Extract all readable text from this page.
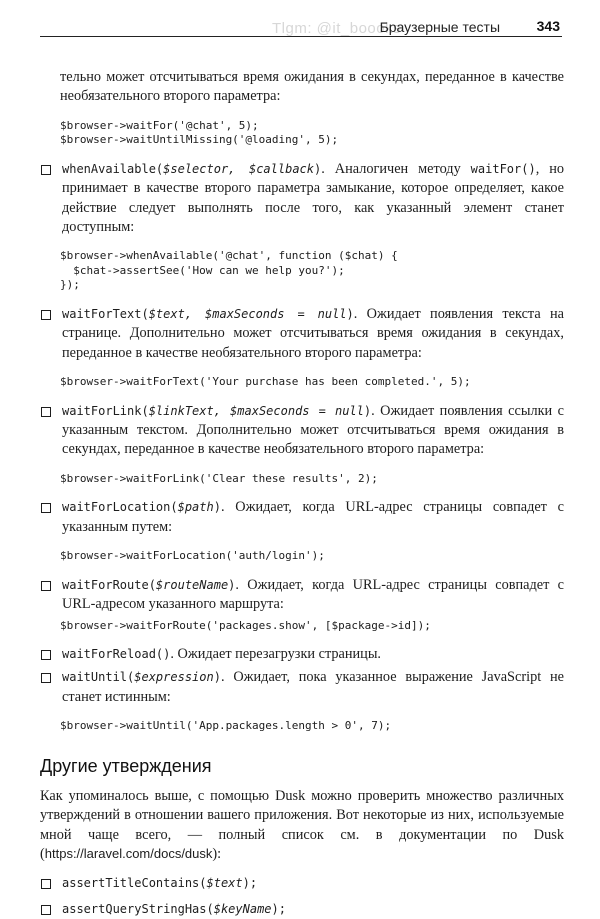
Tlgm: @it_boooks
Браузерные тесты	343

тельно может отсчитываться время ожидания в секундах, переданное в качестве необязательного второго параметра:

$browser->waitFor('@chat', 5);
$browser->waitUntilMissing('@loading', 5);

whenAvailable($selector, $callback). Аналогичен методу waitFor(), но принимает в качестве второго параметра замыкание, которое определяет, какое действие следует выполнять после того, как указанный элемент станет доступным:

$browser->whenAvailable('@chat', function ($chat) {
$chat->assertSee('How can we help you?');
});

waitForText($text, $maxSeconds = null). Ожидает появления текста на странице. Дополнительно может отсчитываться время ожидания в секундах, переданное в качестве необязательного второго параметра:

$browser->waitForText('Your purchase has been completed.', 5);

waitForLink($linkText, $maxSeconds = null). Ожидает появления ссылки с указанным текстом. Дополнительно может отсчитываться время ожидания в секундах, переданное в качестве необязательного второго параметра:

$browser->waitForLink('Clear these results', 2);

waitForLocation($path). Ожидает, когда URL-адрес страницы совпадет с указанным путем:

$browser->waitForLocation('auth/login');

waitForRoute($routeName). Ожидает, когда URL-адрес страницы совпадет с URL-адресом указанного маршрута:

$browser->waitForRoute('packages.show', [$package->id]);

waitForReload(). Ожидает перезагрузки страницы.

waitUntil($expression). Ожидает, пока указанное выражение JavaScript не станет истинным:

$browser->waitUntil('App.packages.length > 0', 7);
Другие утверждения

Как упоминалось выше, с помощью Dusk можно проверить множество различных утверждений в отношении вашего приложения. Вот некоторые из них, используемые мной чаще всего, — полный список см. в документации по Dusk (https://laravel.com/docs/dusk):

assertTitleContains($text);

assertQueryStringHas($keyName);
